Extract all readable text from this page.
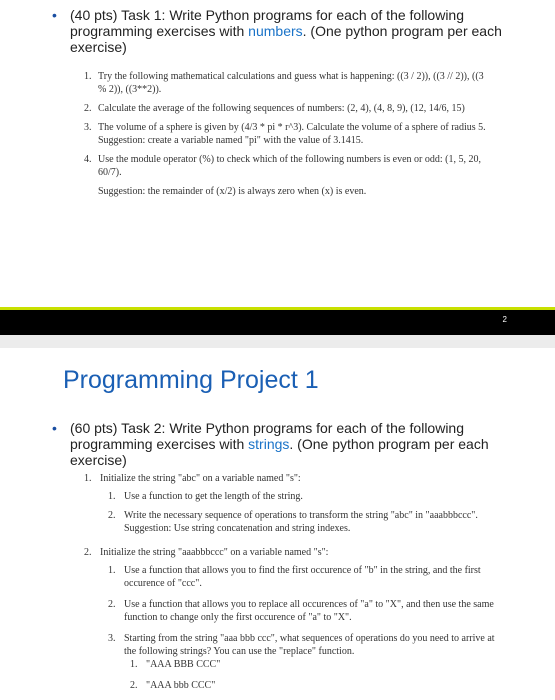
• (40 pts) Task 1: Write Python programs for each of the following programming exercises with numbers. (One python program per each exercise)
1. Try the following mathematical calculations and guess what is happening: ((3 / 2)), ((3 // 2)), ((3 % 2)), ((3**2)).
2. Calculate the average of the following sequences of numbers: (2, 4), (4, 8, 9), (12, 14/6, 15)
3. The volume of a sphere is given by (4/3 * pi * r^3). Calculate the volume of a sphere of radius 5. Suggestion: create a variable named "pi" with the value of 3.1415.
4. Use the module operator (%) to check which of the following numbers is even or odd: (1, 5, 20, 60/7).
Suggestion: the remainder of (x/2) is always zero when (x) is even.
2
Programming Project 1
• (60 pts) Task 2: Write Python programs for each of the following programming exercises with strings. (One python program per each exercise)
1. Initialize the string "abc" on a variable named "s":
1. Use a function to get the length of the string.
2. Write the necessary sequence of operations to transform the string "abc" in "aaabbbccc". Suggestion: Use string concatenation and string indexes.
2. Initialize the string "aaabbbccc" on a variable named "s":
1. Use a function that allows you to find the first occurence of "b" in the string, and the first occurence of "ccc".
2. Use a function that allows you to replace all occurences of "a" to "X", and then use the same function to change only the first occurence of "a" to "X".
3. Starting from the string "aaa bbb ccc", what sequences of operations do you need to arrive at the following strings? You can use the "replace" function.
1. "AAA BBB CCC"
2. "AAA bbb CCC"
